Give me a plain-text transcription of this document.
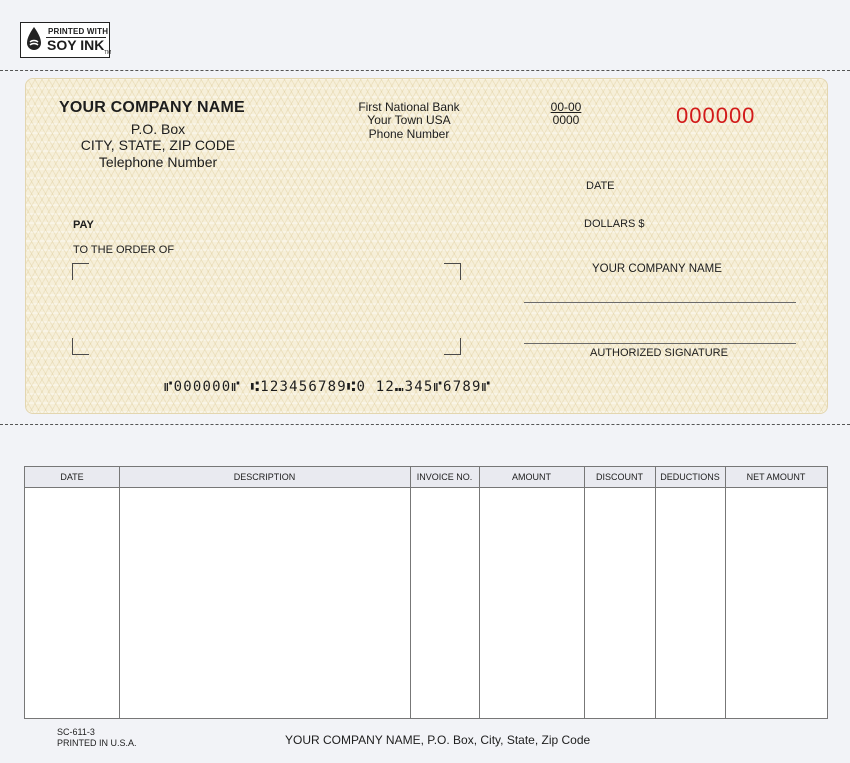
PRINTED WITH
SOY INK TM
YOUR COMPANY NAME
P.O. Box
CITY, STATE, ZIP CODE
Telephone Number
First National Bank
Your Town USA
Phone Number
00-00
0000	000000
DATE
PAY	DOLLARS $
TO THE ORDER OF
YOUR COMPANY NAME
AUTHORIZED SIGNATURE
⑈000000⑈ ⑆123456789⑆0 12⑉345⑈6789⑈
DATE	DESCRIPTION	INVOICE NO.	AMOUNT	DISCOUNT	DEDUCTIONS	NET AMOUNT
SC-611-3
PRINTED IN U.S.A.	YOUR COMPANY NAME, P.O. Box, City, State, Zip Code
